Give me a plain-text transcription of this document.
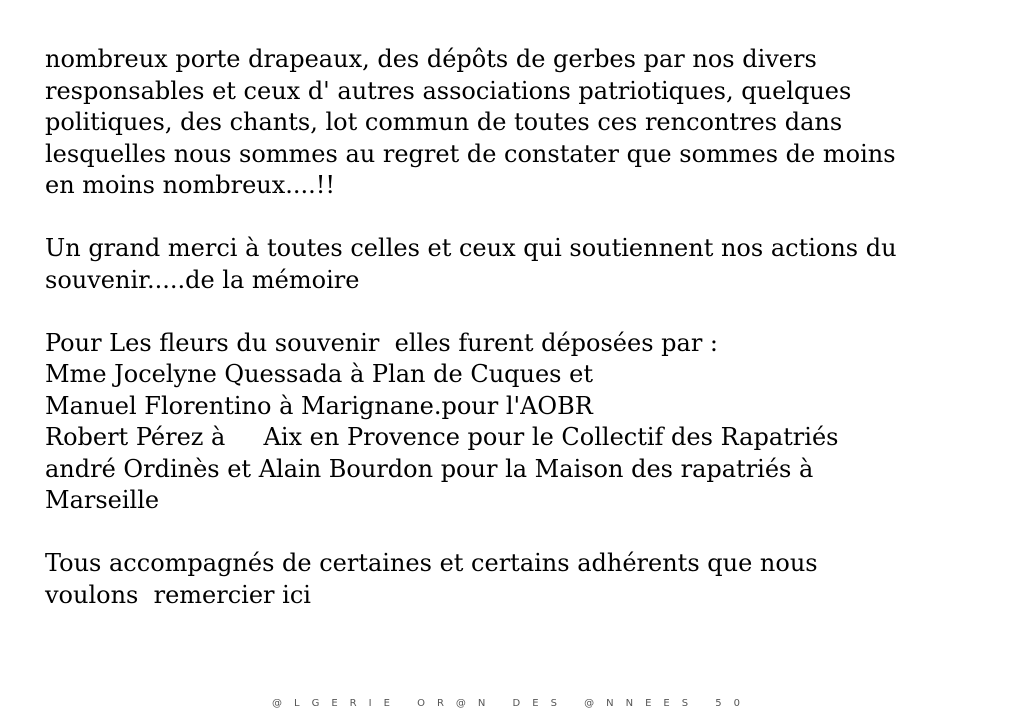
nombreux porte drapeaux, des dépôts de gerbes par nos divers
responsables et ceux d' autres associations patriotiques, quelques
politiques, des chants, lot commun de toutes ces rencontres dans
lesquelles nous sommes au regret de constater que sommes de moins
en moins nombreux....!!
Un grand merci à toutes celles et ceux qui soutiennent nos actions du
souvenir.....de la mémoire
Pour Les fleurs du souvenir  elles furent déposées par :
Mme Jocelyne Quessada à Plan de Cuques et
Manuel Florentino à Marignane.pour l'AOBR
Robert Pérez à     Aix en Provence pour le Collectif des Rapatriés
andré Ordinès et Alain Bourdon pour la Maison des rapatriés à
Marseille
Tous accompagnés de certaines et certains adhérents que nous
voulons  remercier ici
@LGERIE OR@N DES @NNEES 50
